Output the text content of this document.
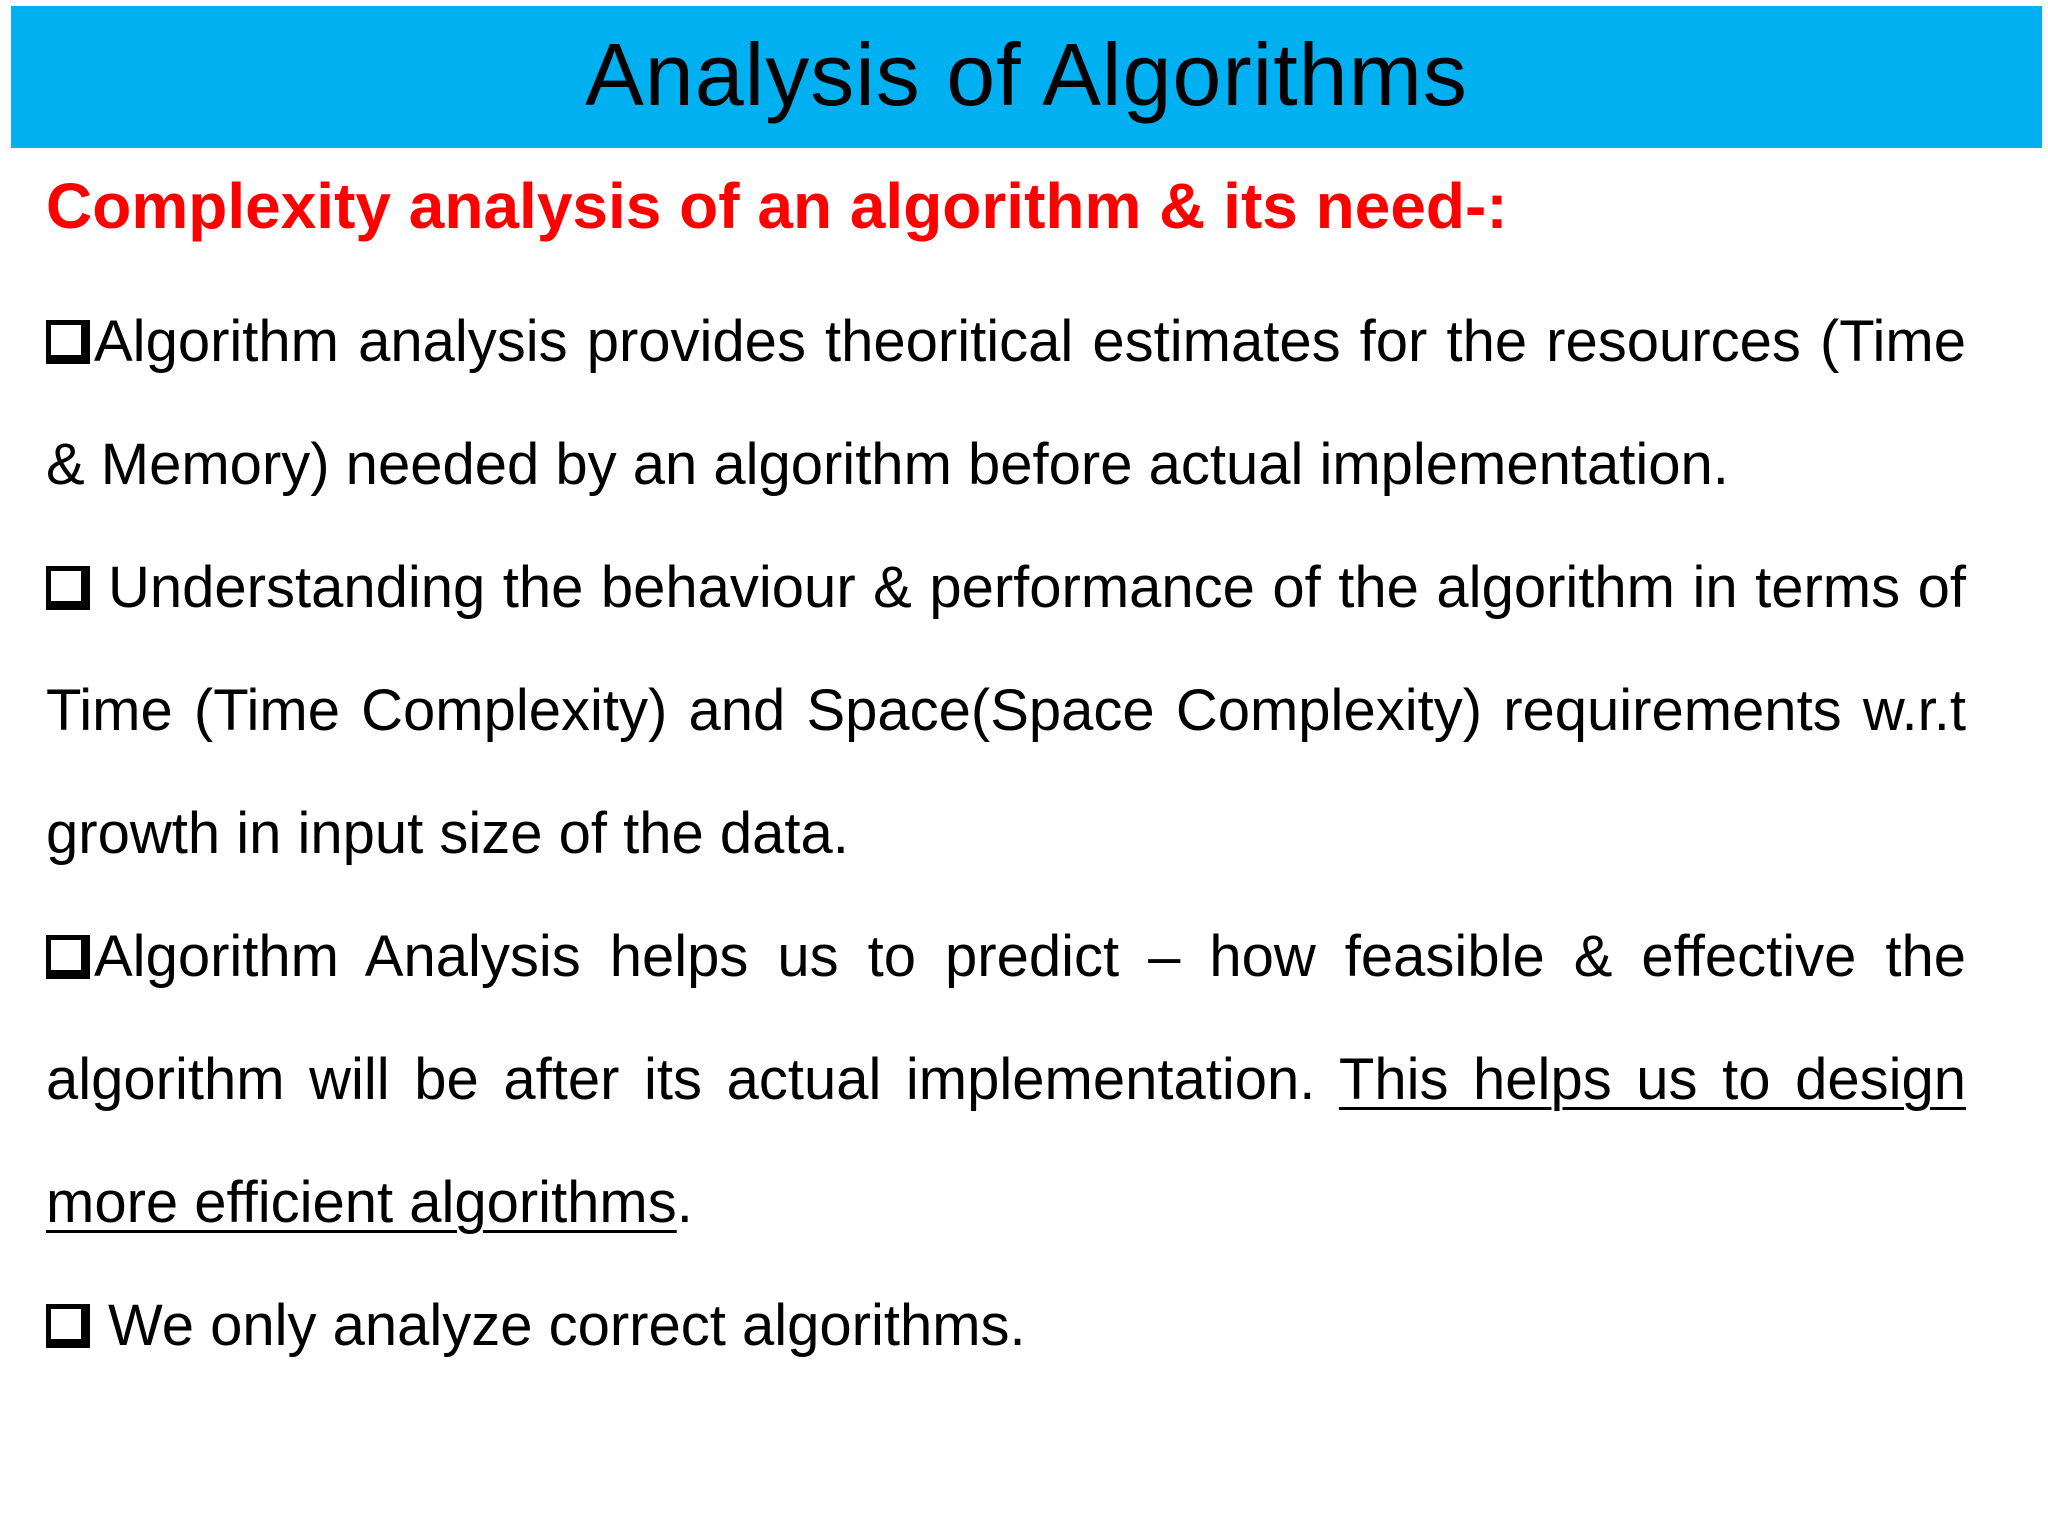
Analysis of Algorithms
Complexity analysis of an algorithm & its need-:

Algorithm analysis provides theoritical estimates for the resources (Time & Memory) needed by an algorithm before actual implementation.

Understanding the behaviour & performance of the algorithm in terms of Time (Time Complexity) and Space(Space Complexity) requirements w.r.t growth in input size of the data.

Algorithm Analysis helps us to predict – how feasible & effective the algorithm will be after its actual implementation. This helps us to design more efficient algorithms.

We only analyze correct algorithms.
